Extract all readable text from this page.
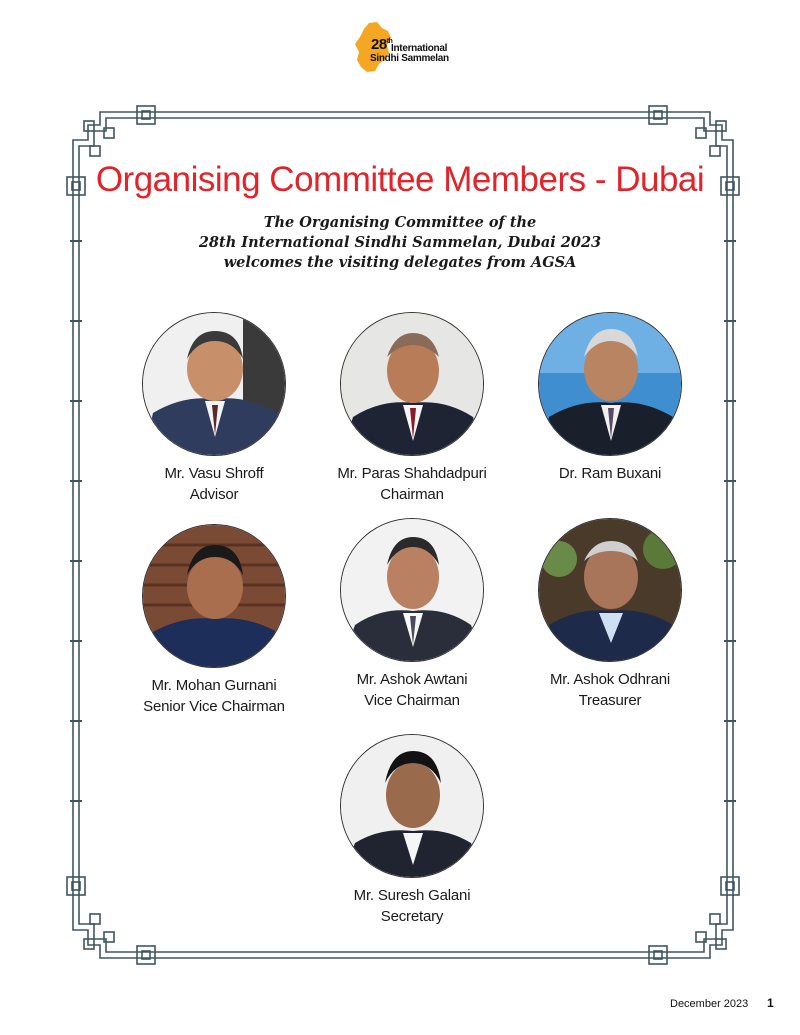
28th
International
Sindhi Sammelan
Organising Committee Members - Dubai
The Organising Committee of the
28th International Sindhi Sammelan, Dubai 2023
welcomes the visiting delegates from AGSA
Mr. Vasu Shroff
Advisor
Mr. Paras Shahdadpuri
Chairman
Dr. Ram Buxani
Mr. Mohan Gurnani
Senior Vice Chairman
Mr. Ashok Awtani
Vice Chairman
Mr. Ashok Odhrani
Treasurer
Mr. Suresh Galani
Secretary
December 2023 1
